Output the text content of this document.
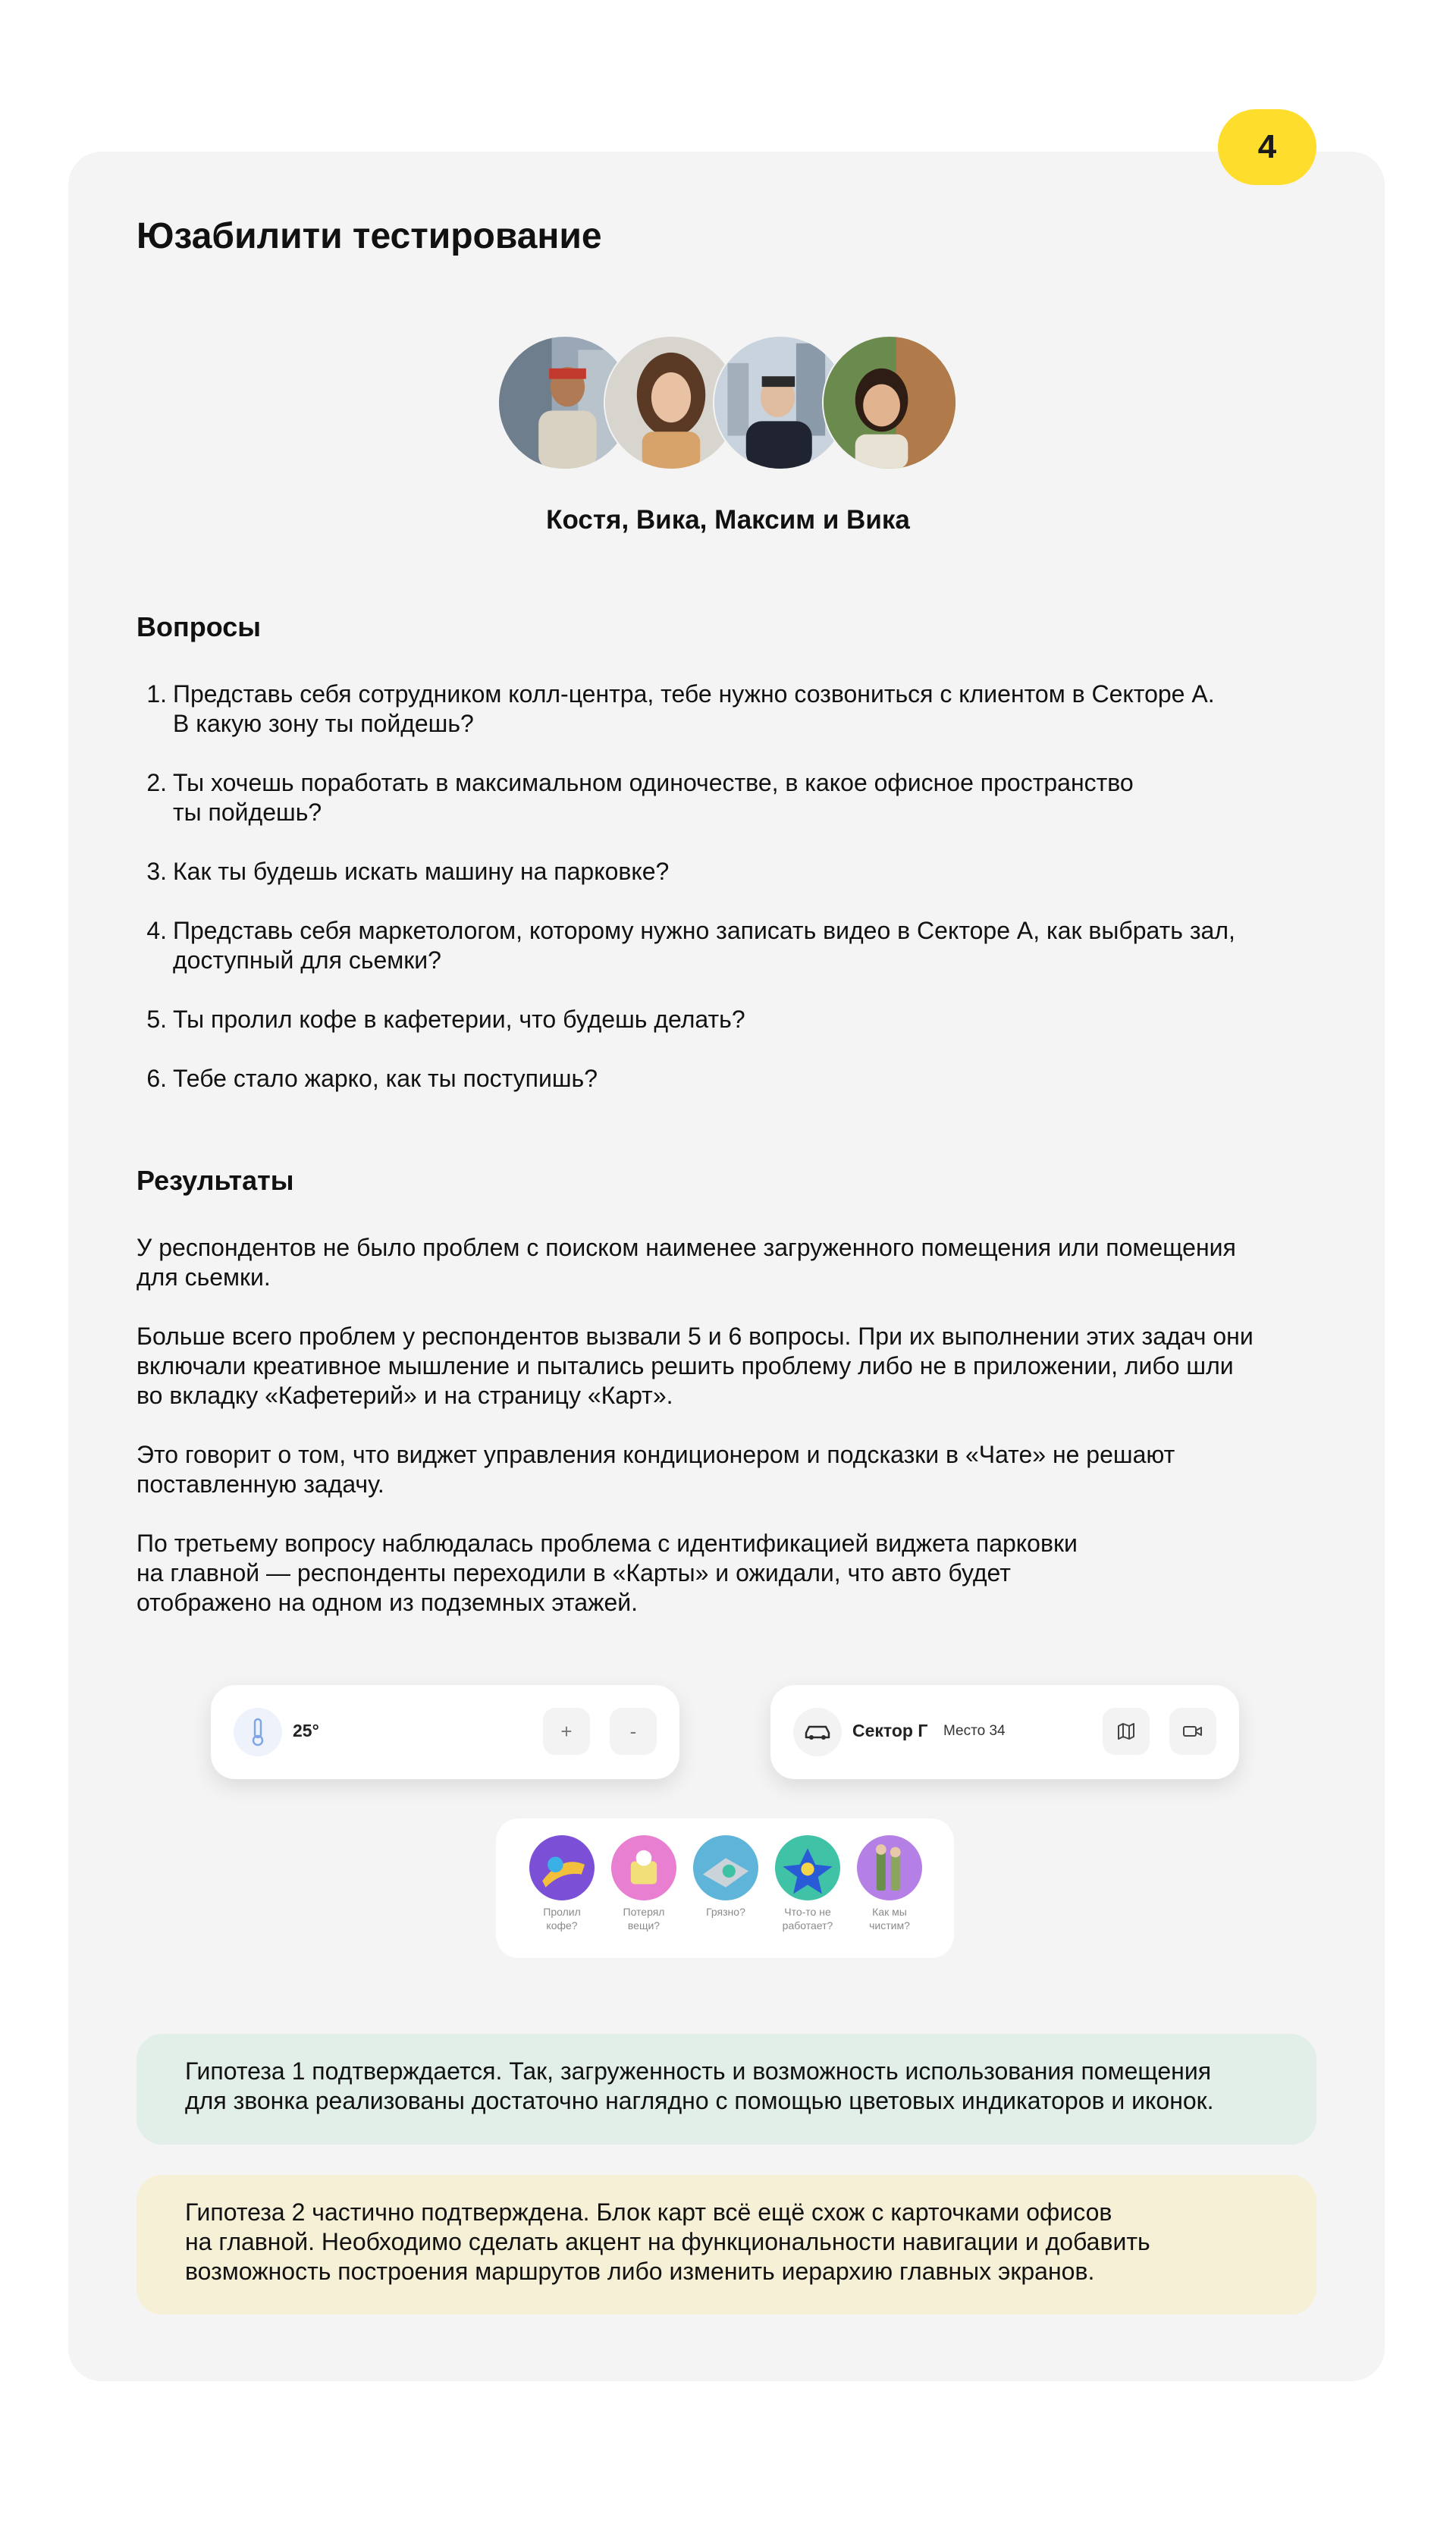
4
Юзабилити тестирование
Костя, Вика, Максим и Вика
Вопросы
1. Представь себя сотрудником колл-центра, тебе нужно созвониться с клиентом в Секторе А.
В какую зону ты пойдешь?
2. Ты хочешь поработать в максимальном одиночестве, в какое офисное пространство
ты пойдешь?
3. Как ты будешь искать машину на парковке?
4. Представь себя маркетологом, которому нужно записать видео в Секторе А, как выбрать зал,
доступный для сьемки?
5. Ты пролил кофе в кафетерии, что будешь делать?
6. Тебе стало жарко, как ты поступишь?
Результаты

У респондентов не было проблем с поиском наименее загруженного помещения или помещения
для сьемки.

Больше всего проблем у респондентов вызвали 5 и 6 вопросы. При их выполнении этих задач они
включали креативное мышление и пытались решить проблему либо не в приложении, либо шли
во вкладку «Кафетерий» и на страницу «Карт».

Это говорит о том, что виджет управления кондиционером и подсказки в «Чате» не решают
поставленную задачу.

По третьему вопросу наблюдалась проблема с идентификацией виджета парковки
на главной — респонденты переходили в «Карты» и ожидали, что авто будет
отображено на одном из подземных этажей.

25°	+	-	Сектор Г Место 34
Пролил
кофе?
Потерял
вещи?
Грязно?	Что-то не
работает?
Как мы
чистим?
Гипотеза 1 подтверждается. Так, загруженность и возможность использования помещения
для звонка реализованы достаточно наглядно с помощью цветовых индикаторов и иконок.
Гипотеза 2 частично подтверждена. Блок карт всё ещё схож с карточками офисов
на главной. Необходимо сделать акцент на функциональности навигации и добавить
возможность построения маршрутов либо изменить иерархию главных экранов.
